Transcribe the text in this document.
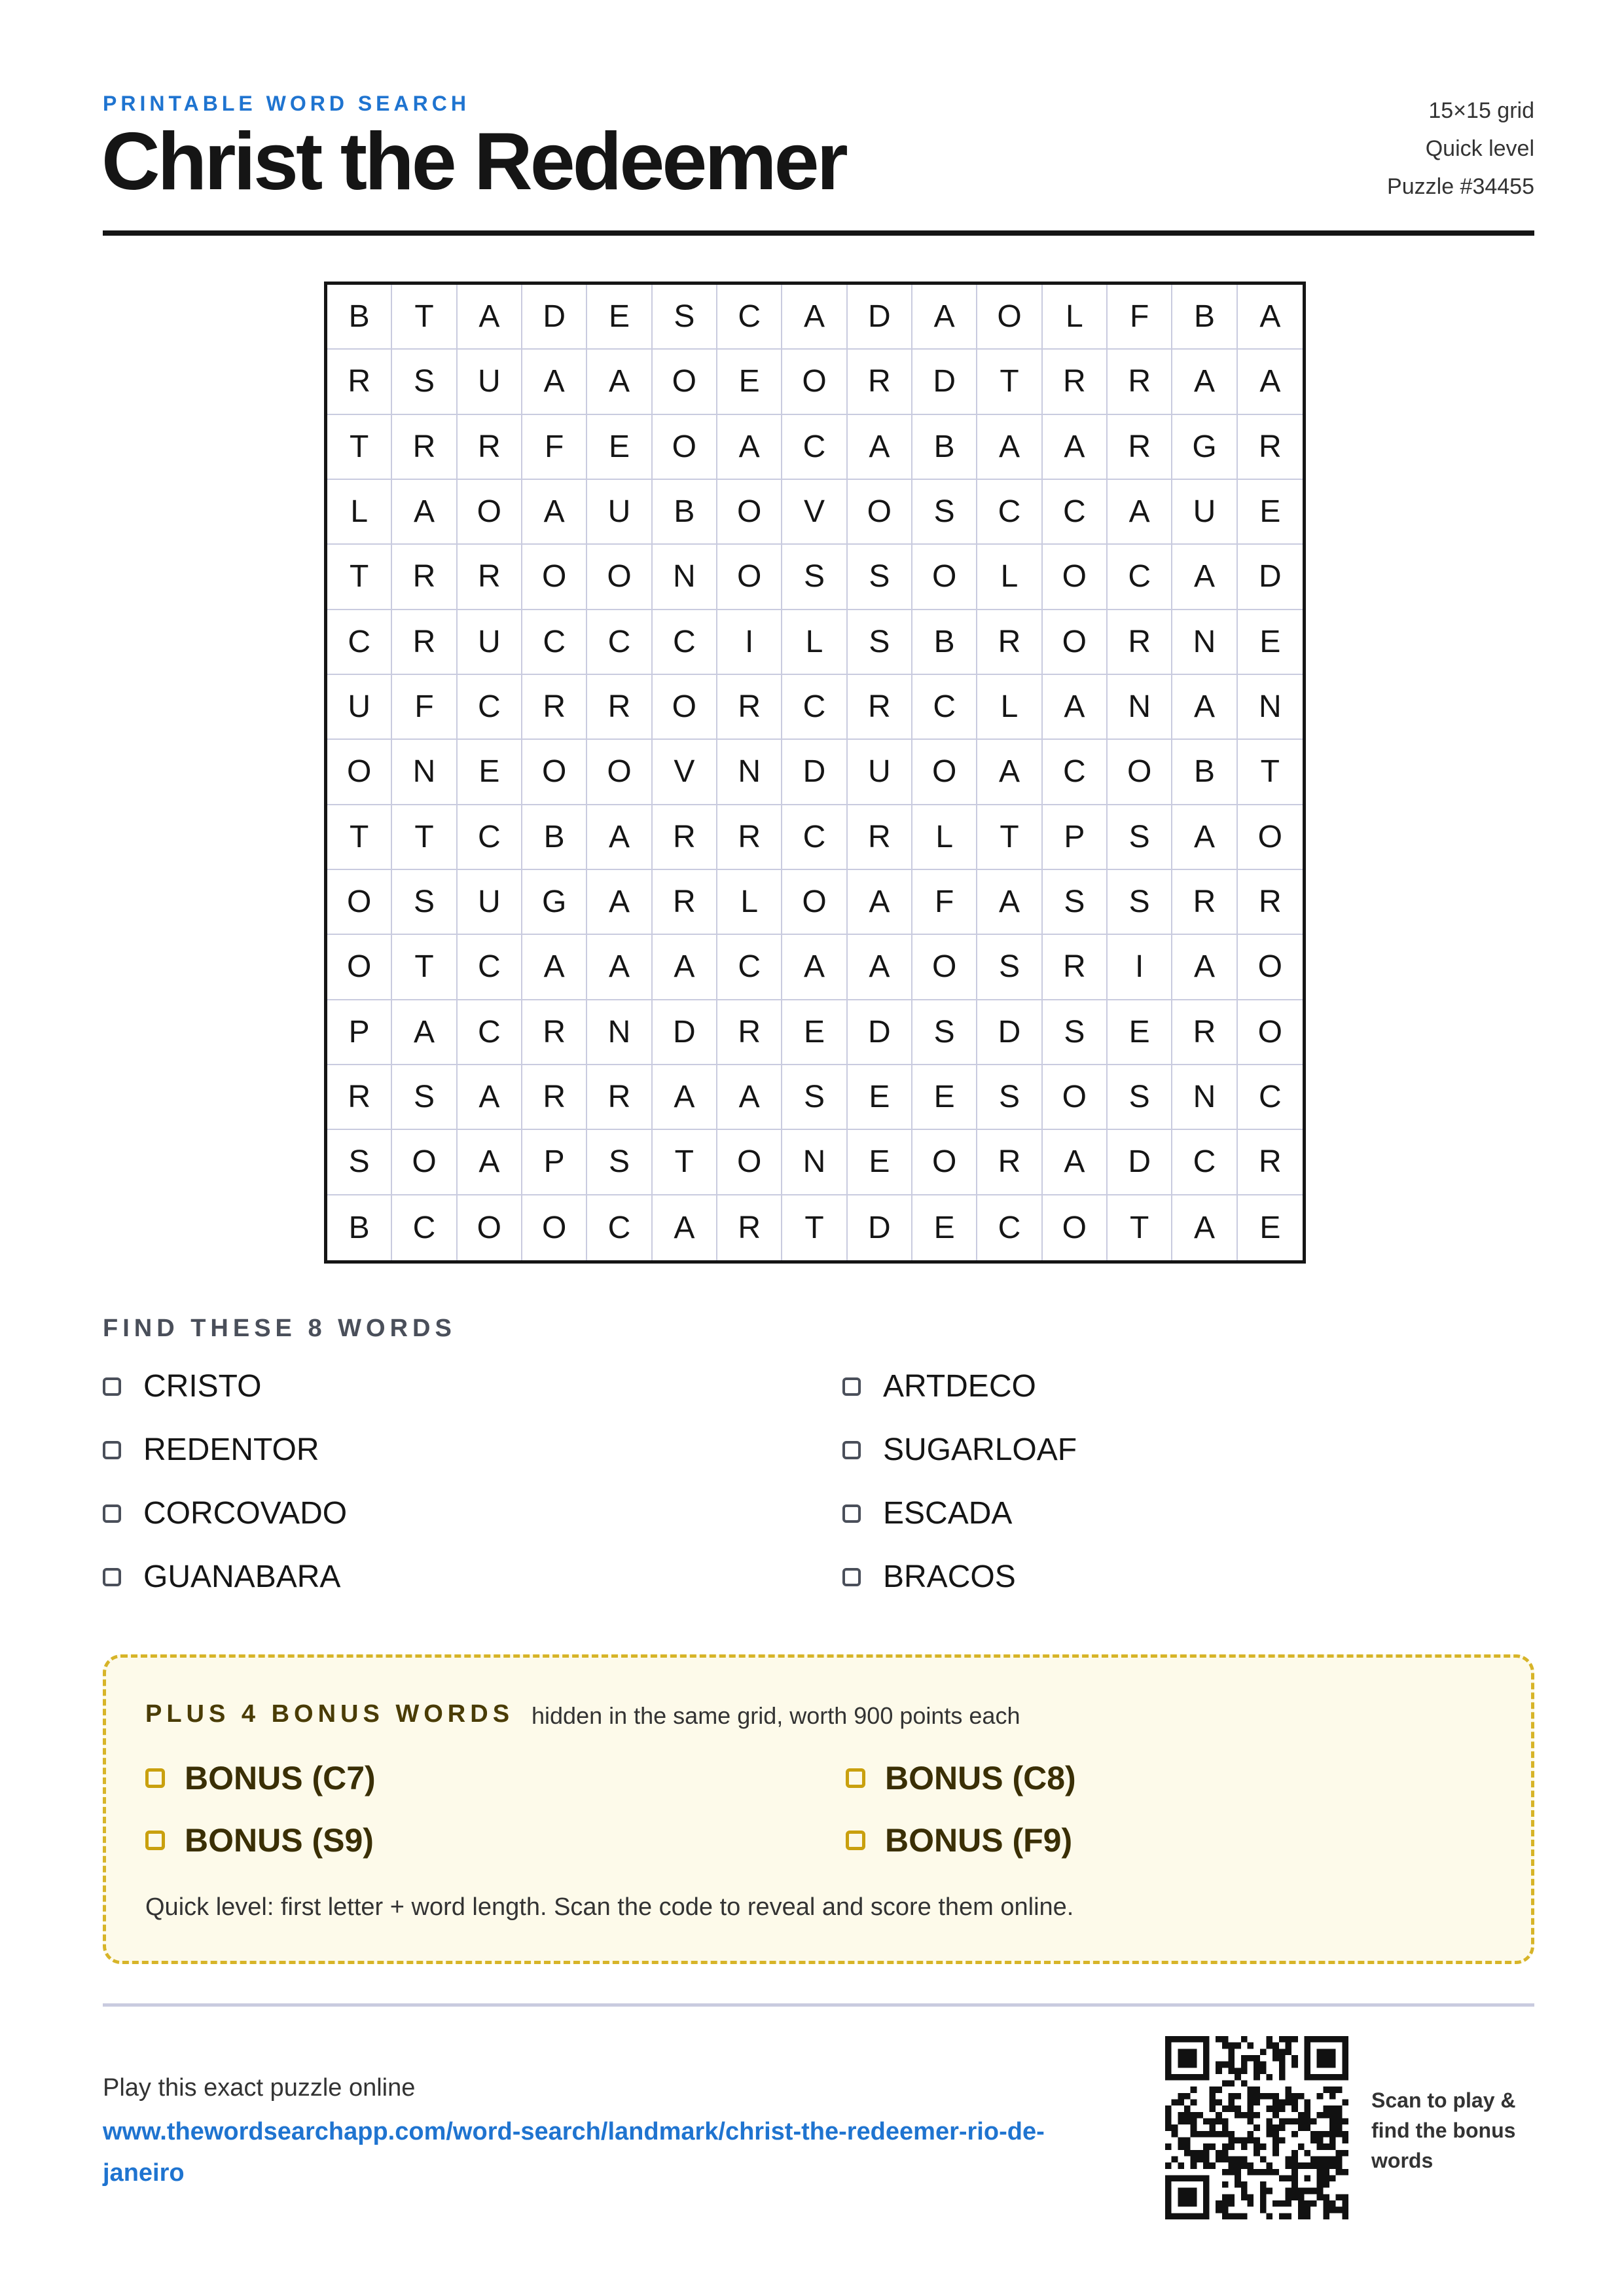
PRINTABLE WORD SEARCH
Christ the Redeemer
15×15 grid
Quick level
Puzzle #34455
B	T	A	D	E	S	C	A	D	A	O	L	F	B	A
R	S	U	A	A	O	E	O	R	D	T	R	R	A	A
T	R	R	F	E	O	A	C	A	B	A	A	R	G	R
L	A	O	A	U	B	O	V	O	S	C	C	A	U	E
T	R	R	O	O	N	O	S	S	O	L	O	C	A	D
C	R	U	C	C	C	I	L	S	B	R	O	R	N	E
U	F	C	R	R	O	R	C	R	C	L	A	N	A	N
O	N	E	O	O	V	N	D	U	O	A	C	O	B	T
T	T	C	B	A	R	R	C	R	L	T	P	S	A	O
O	S	U	G	A	R	L	O	A	F	A	S	S	R	R
O	T	C	A	A	A	C	A	A	O	S	R	I	A	O
P	A	C	R	N	D	R	E	D	S	D	S	E	R	O
R	S	A	R	R	A	A	S	E	E	S	O	S	N	C
S	O	A	P	S	T	O	N	E	O	R	A	D	C	R
B	C	O	O	C	A	R	T	D	E	C	O	T	A	E
FIND THESE 8 WORDS
CRISTO
REDENTOR
CORCOVADO
GUANABARA
ARTDECO
SUGARLOAF
ESCADA
BRACOS
PLUS 4 BONUS WORDS hidden in the same grid, worth 900 points each
BONUS (C7)
BONUS (S9)
BONUS (C8)
BONUS (F9)
Quick level: first letter + word length. Scan the code to reveal and score them online.
Play this exact puzzle online
www.thewordsearchapp.com/word-search/landmark/christ-the-redeemer-rio-de-janeiro
Scan to play & find the bonus words
